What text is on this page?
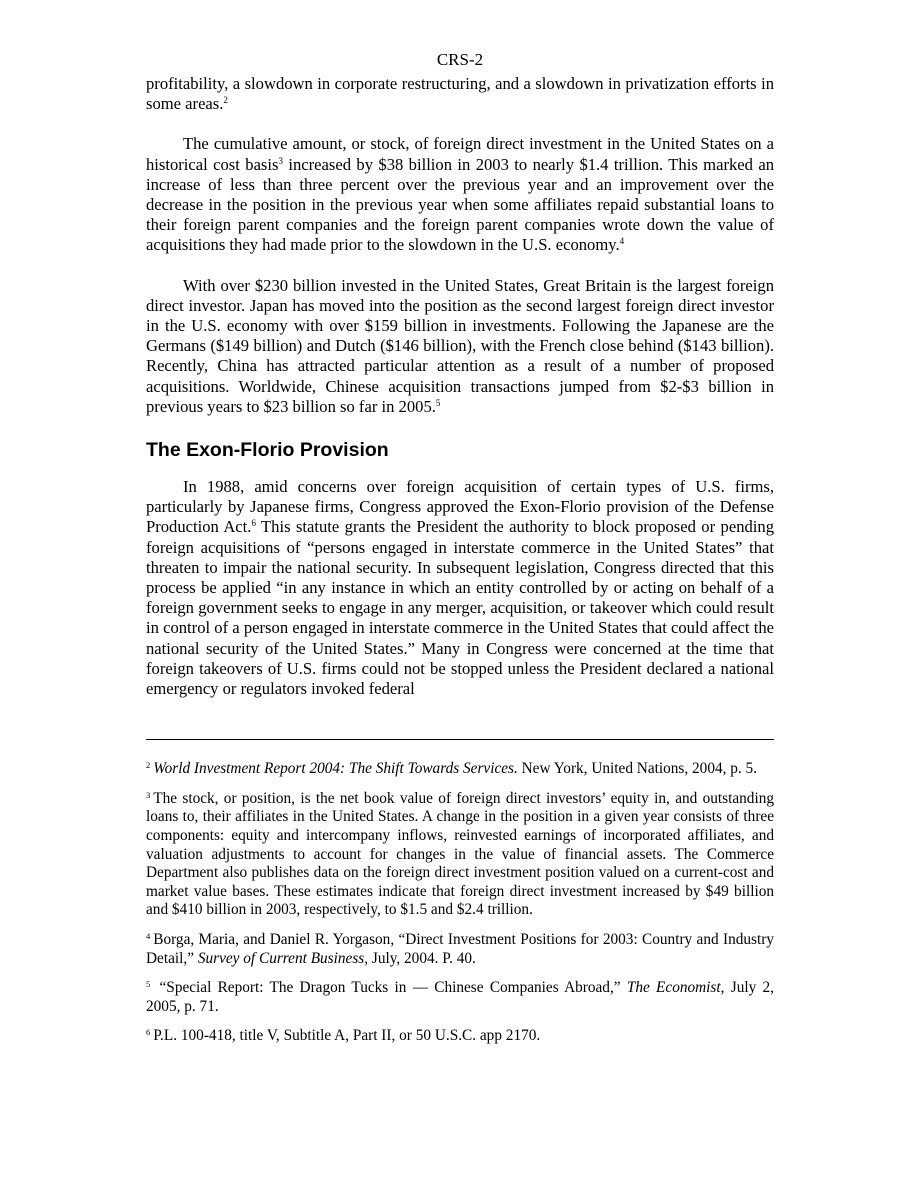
CRS-2

profitability, a slowdown in corporate restructuring, and a slowdown in privatization efforts in some areas.$^2$

The cumulative amount, or stock, of foreign direct investment in the United States on a historical cost basis$^3$ increased by $38 billion in 2003 to nearly $1.4 trillion. This marked an increase of less than three percent over the previous year and an improvement over the decrease in the position in the previous year when some affiliates repaid substantial loans to their foreign parent companies and the foreign parent companies wrote down the value of acquisitions they had made prior to the slowdown in the U.S. economy.$^4$

With over $230 billion invested in the United States, Great Britain is the largest foreign direct investor. Japan has moved into the position as the second largest foreign direct investor in the U.S. economy with over $159 billion in investments. Following the Japanese are the Germans ($149 billion) and Dutch ($146 billion), with the French close behind ($143 billion). Recently, China has attracted particular attention as a result of a number of proposed acquisitions. Worldwide, Chinese acquisition transactions jumped from $2-$3 billion in previous years to $23 billion so far in 2005.$^5$

The Exon-Florio Provision

In 1988, amid concerns over foreign acquisition of certain types of U.S. firms, particularly by Japanese firms, Congress approved the Exon-Florio provision of the Defense Production Act.$^6$ This statute grants the President the authority to block proposed or pending foreign acquisitions of “persons engaged in interstate commerce in the United States” that threaten to impair the national security. In subsequent legislation, Congress directed that this process be applied “in any instance in which an entity controlled by or acting on behalf of a foreign government seeks to engage in any merger, acquisition, or takeover which could result in control of a person engaged in interstate commerce in the United States that could affect the national security of the United States.” Many in Congress were concerned at the time that foreign takeovers of U.S. firms could not be stopped unless the President declared a national emergency or regulators invoked federal

$^2$ World Investment Report 2004: The Shift Towards Services. New York, United Nations, 2004, p. 5.

$^3$ The stock, or position, is the net book value of foreign direct investors’ equity in, and outstanding loans to, their affiliates in the United States. A change in the position in a given year consists of three components: equity and intercompany inflows, reinvested earnings of incorporated affiliates, and valuation adjustments to account for changes in the value of financial assets. The Commerce Department also publishes data on the foreign direct investment position valued on a current-cost and market value bases. These estimates indicate that foreign direct investment increased by $49 billion and $410 billion in 2003, respectively, to $1.5 and $2.4 trillion.

$^4$ Borga, Maria, and Daniel R. Yorgason, “Direct Investment Positions for 2003: Country and Industry Detail,” Survey of Current Business, July, 2004. P. 40.

$^5$ “Special Report: The Dragon Tucks in — Chinese Companies Abroad,” The Economist, July 2, 2005, p. 71.

$^6$ P.L. 100-418, title V, Subtitle A, Part II, or 50 U.S.C. app 2170.
